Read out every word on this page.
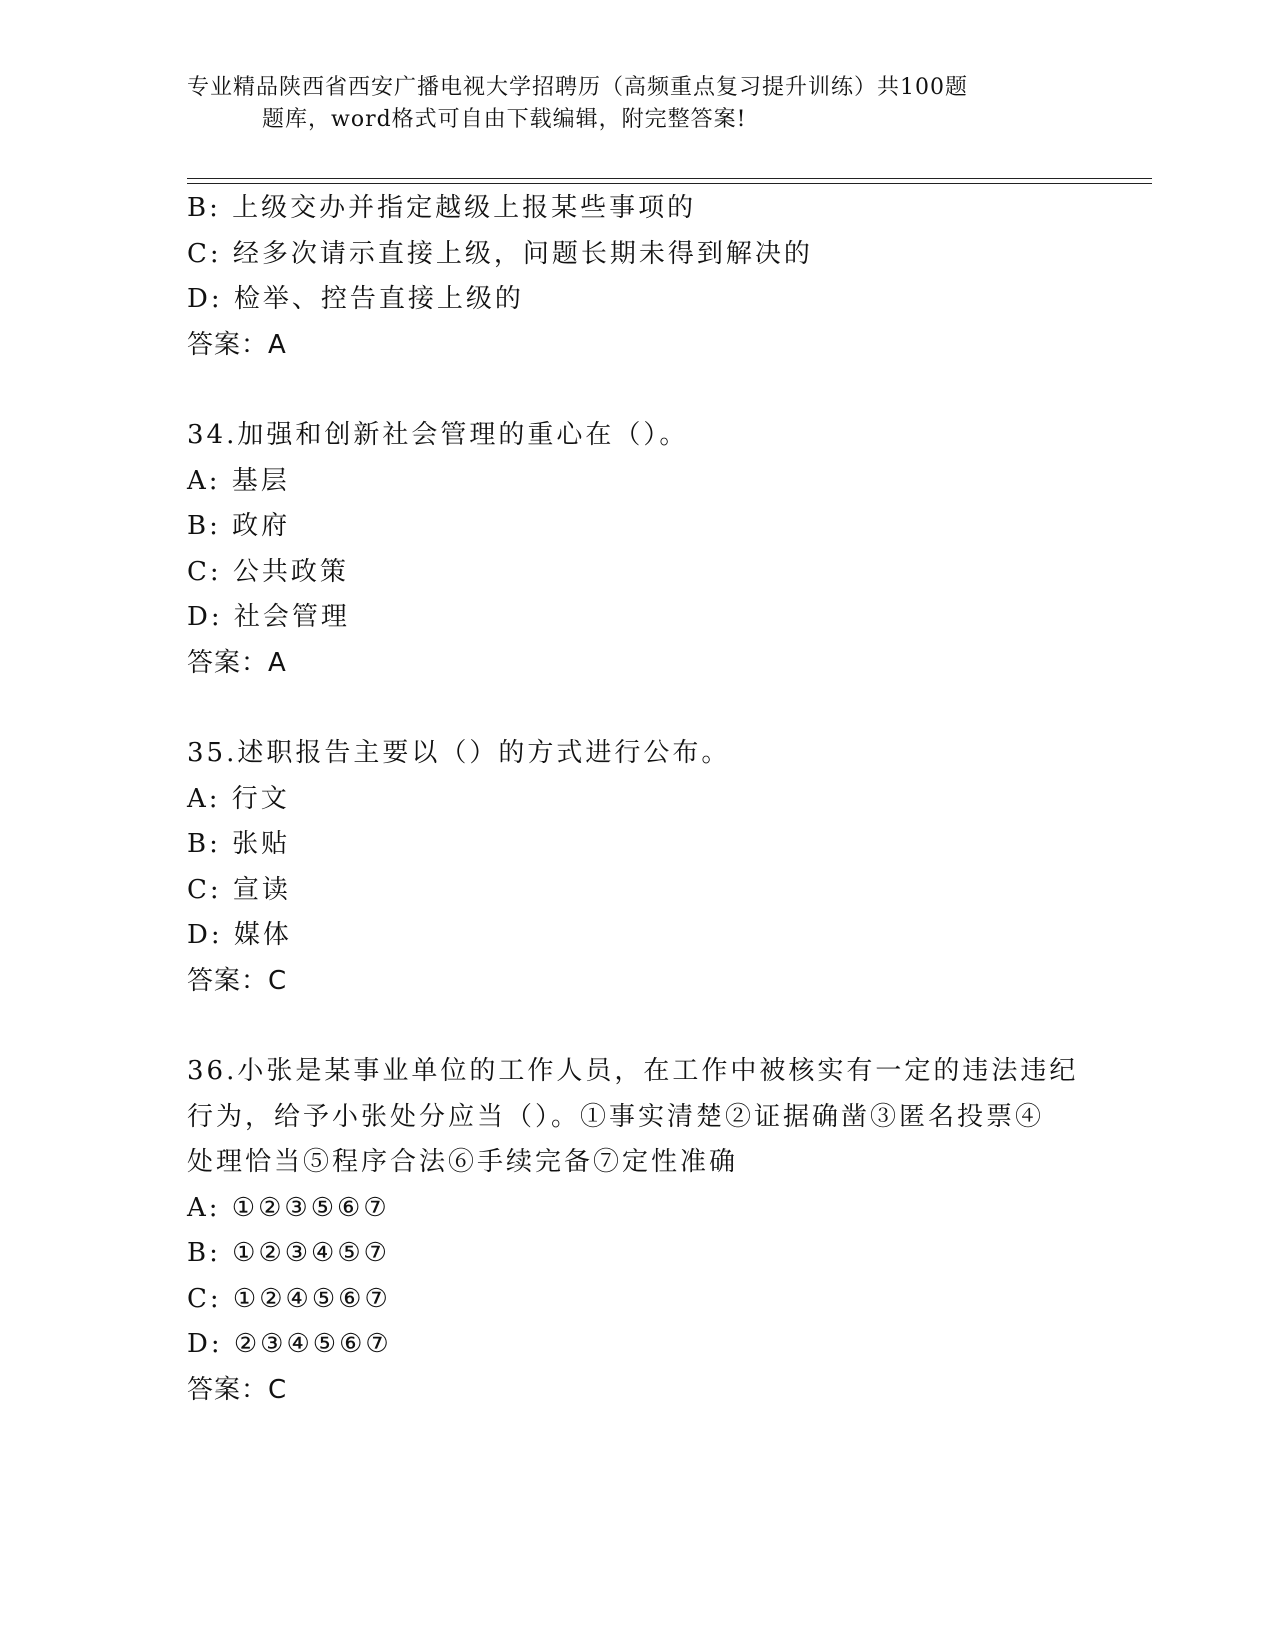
专业精品陕西省西安广播电视大学招聘历（高频重点复习提升训练）共100题
题库，word格式可自由下载编辑，附完整答案!
B: 上级交办并指定越级上报某些事项的
C: 经多次请示直接上级，问题长期未得到解决的
D: 检举、控告直接上级的
答案：A
34.加强和创新社会管理的重心在（）。
A: 基层
B: 政府
C: 公共政策
D: 社会管理
答案：A
35.述职报告主要以（）的方式进行公布。
A: 行文
B: 张贴
C: 宣读
D: 媒体
答案：C
36.小张是某事业单位的工作人员，在工作中被核实有一定的违法违纪
行为，给予小张处分应当（）。①事实清楚②证据确凿③匿名投票④
处理恰当⑤程序合法⑥手续完备⑦定性准确
A: ①②③⑤⑥⑦
B: ①②③④⑤⑦
C: ①②④⑤⑥⑦
D: ②③④⑤⑥⑦
答案：C
